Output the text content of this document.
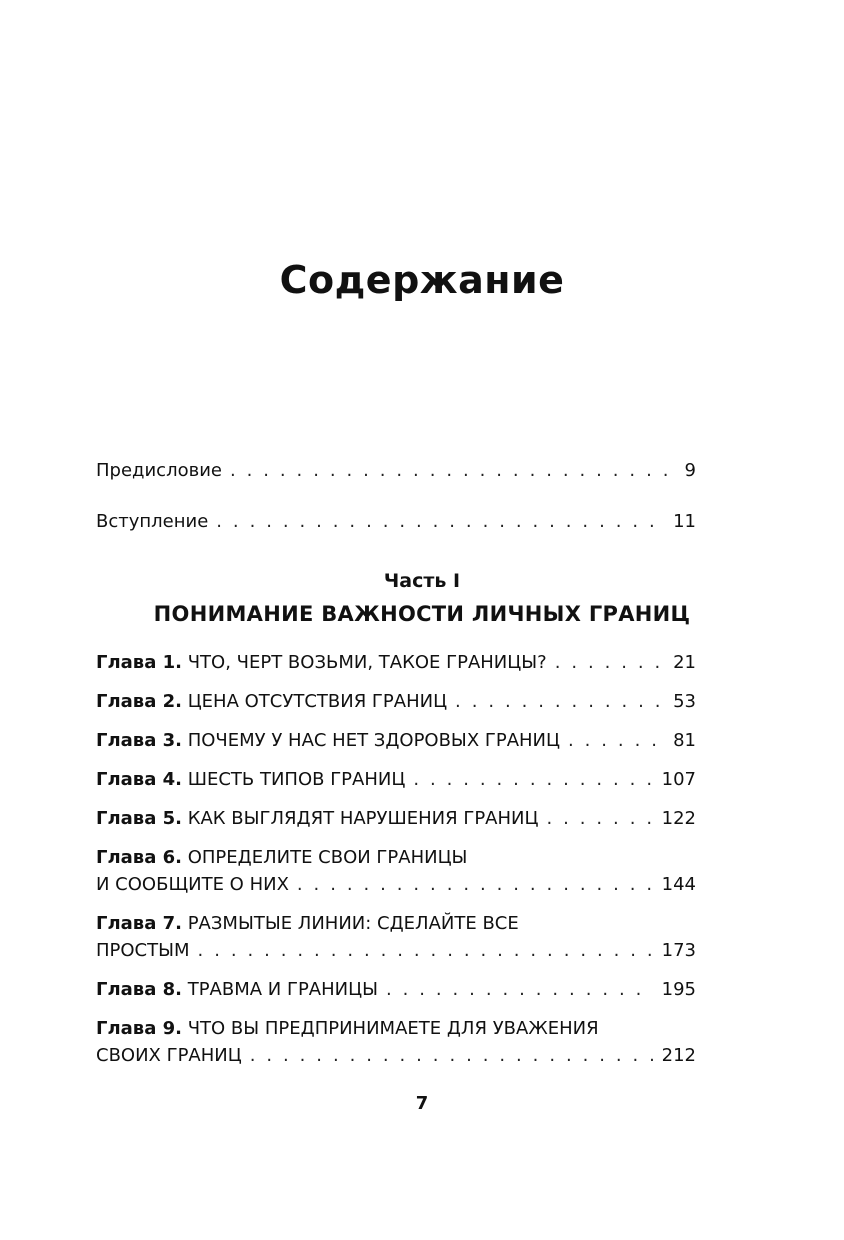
Содержание
Предисловие . . .	9
Вступление . . .	11
Часть I
ПОНИМАНИЕ ВАЖНОСТИ ЛИЧНЫХ ГРАНИЦ
Глава 1. ЧТО, ЧЕРТ ВОЗЬМИ, ТАКОЕ ГРАНИЦЫ? . . .	21
Глава 2. ЦЕНА ОТСУТСТВИЯ ГРАНИЦ . . .	53
Глава 3. ПОЧЕМУ У НАС НЕТ ЗДОРОВЫХ ГРАНИЦ . . .	81
Глава 4. ШЕСТЬ ТИПОВ ГРАНИЦ . . .	107
Глава 5. КАК ВЫГЛЯДЯТ НАРУШЕНИЯ ГРАНИЦ . . .	122
Глава 6. ОПРЕДЕЛИТЕ СВОИ ГРАНИЦЫ
И СООБЩИТЕ О НИХ . . .	144
Глава 7. РАЗМЫТЫЕ ЛИНИИ: СДЕЛАЙТЕ ВСЕ
ПРОСТЫМ . . .	173
Глава 8. ТРАВМА И ГРАНИЦЫ . . .	195
Глава 9. ЧТО ВЫ ПРЕДПРИНИМАЕТЕ ДЛЯ УВАЖЕНИЯ
СВОИХ ГРАНИЦ . . .	212
7
